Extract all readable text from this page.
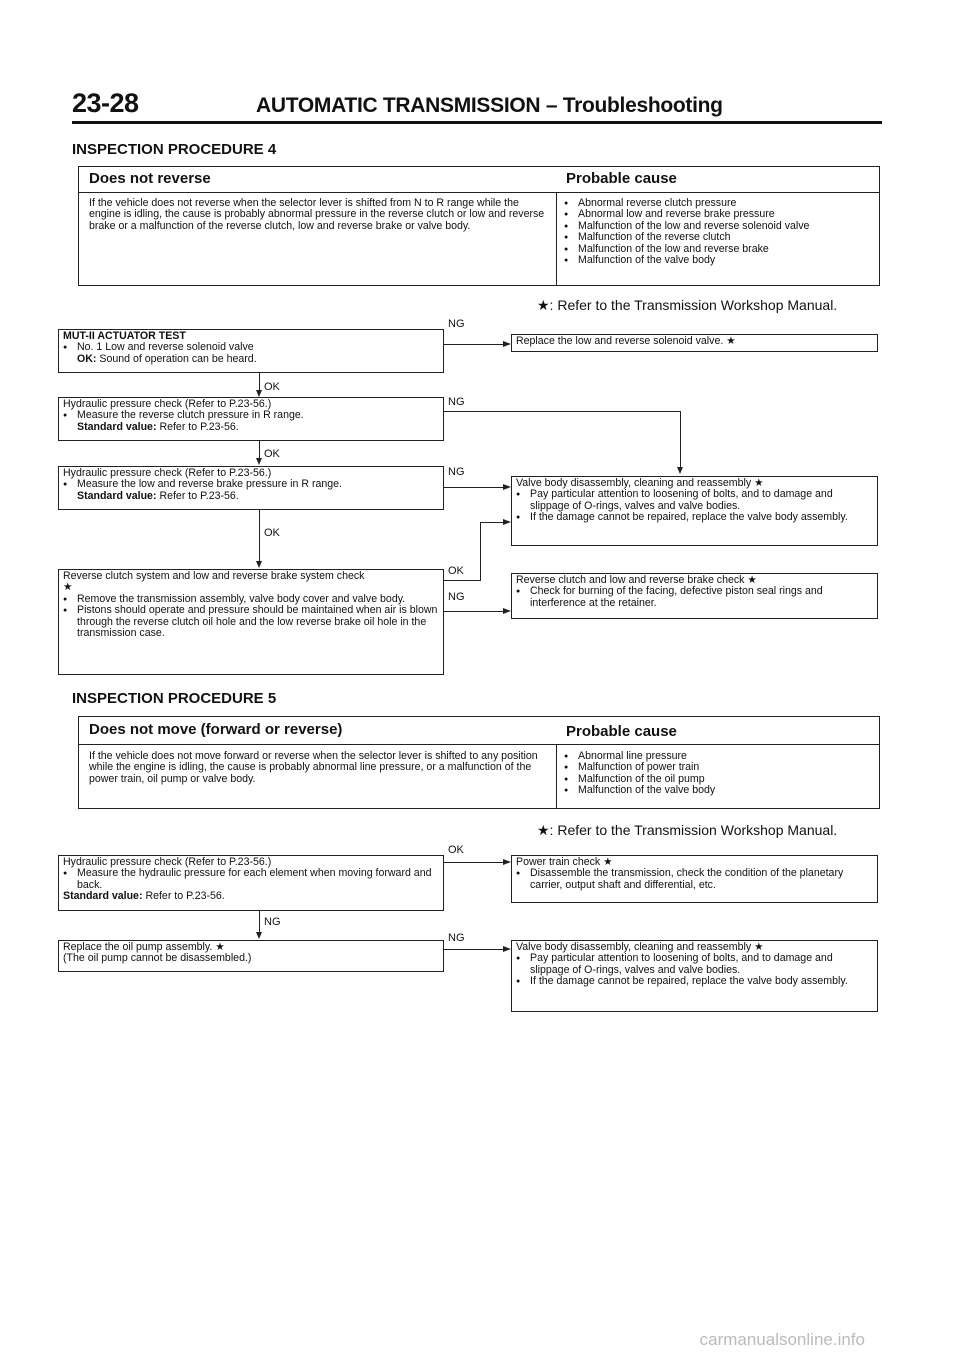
23-28	AUTOMATIC TRANSMISSION – Troubleshooting
INSPECTION PROCEDURE 4
Does not reverse	Probable cause
If the vehicle does not reverse when the selector lever is shifted from N to R range while the engine is idling, the cause is probably abnormal pressure in the reverse clutch or low and reverse brake or a malfunction of the reverse clutch, low and reverse brake or valve body.
● Abnormal reverse clutch pressure
● Abnormal low and reverse brake pressure
● Malfunction of the low and reverse solenoid valve
● Malfunction of the reverse clutch
● Malfunction of the low and reverse brake
● Malfunction of the valve body
★: Refer to the Transmission Workshop Manual.
MUT-II ACTUATOR TEST
● No. 1 Low and reverse solenoid valve
OK: Sound of operation can be heard.
NG
Replace the low and reverse solenoid valve. ★
OK
Hydraulic pressure check (Refer to P.23-56.)
● Measure the reverse clutch pressure in R range.
Standard value: Refer to P.23-56.
NG
OK
Hydraulic pressure check (Refer to P.23-56.)
● Measure the low and reverse brake pressure in R range.
Standard value: Refer to P.23-56.
NG
Valve body disassembly, cleaning and reassembly ★
● Pay particular attention to loosening of bolts, and to damage and slippage of O-rings, valves and valve bodies.
● If the damage cannot be repaired, replace the valve body assembly.
OK
Reverse clutch system and low and reverse brake system check
★
● Remove the transmission assembly, valve body cover and valve body.
● Pistons should operate and pressure should be maintained when air is blown through the reverse clutch oil hole and the low reverse brake oil hole in the transmission case.
OK
NG
Reverse clutch and low and reverse brake check ★
● Check for burning of the facing, defective piston seal rings and interference at the retainer.
INSPECTION PROCEDURE 5
Does not move (forward or reverse)	Probable cause
If the vehicle does not move forward or reverse when the selector lever is shifted to any position while the engine is idling, the cause is probably abnormal line pressure, or a malfunction of the power train, oil pump or valve body.
● Abnormal line pressure
● Malfunction of power train
● Malfunction of the oil pump
● Malfunction of the valve body
★: Refer to the Transmission Workshop Manual.
Hydraulic pressure check (Refer to P.23-56.)
● Measure the hydraulic pressure for each element when moving forward and back.
Standard value: Refer to P.23-56.
OK
Power train check ★
● Disassemble the transmission, check the condition of the planetary carrier, output shaft and differential, etc.
NG
Replace the oil pump assembly. ★
(The oil pump cannot be disassembled.)
NG
Valve body disassembly, cleaning and reassembly ★
● Pay particular attention to loosening of bolts, and to damage and slippage of O-rings, valves and valve bodies.
● If the damage cannot be repaired, replace the valve body assembly.
carmanualsonline.info
